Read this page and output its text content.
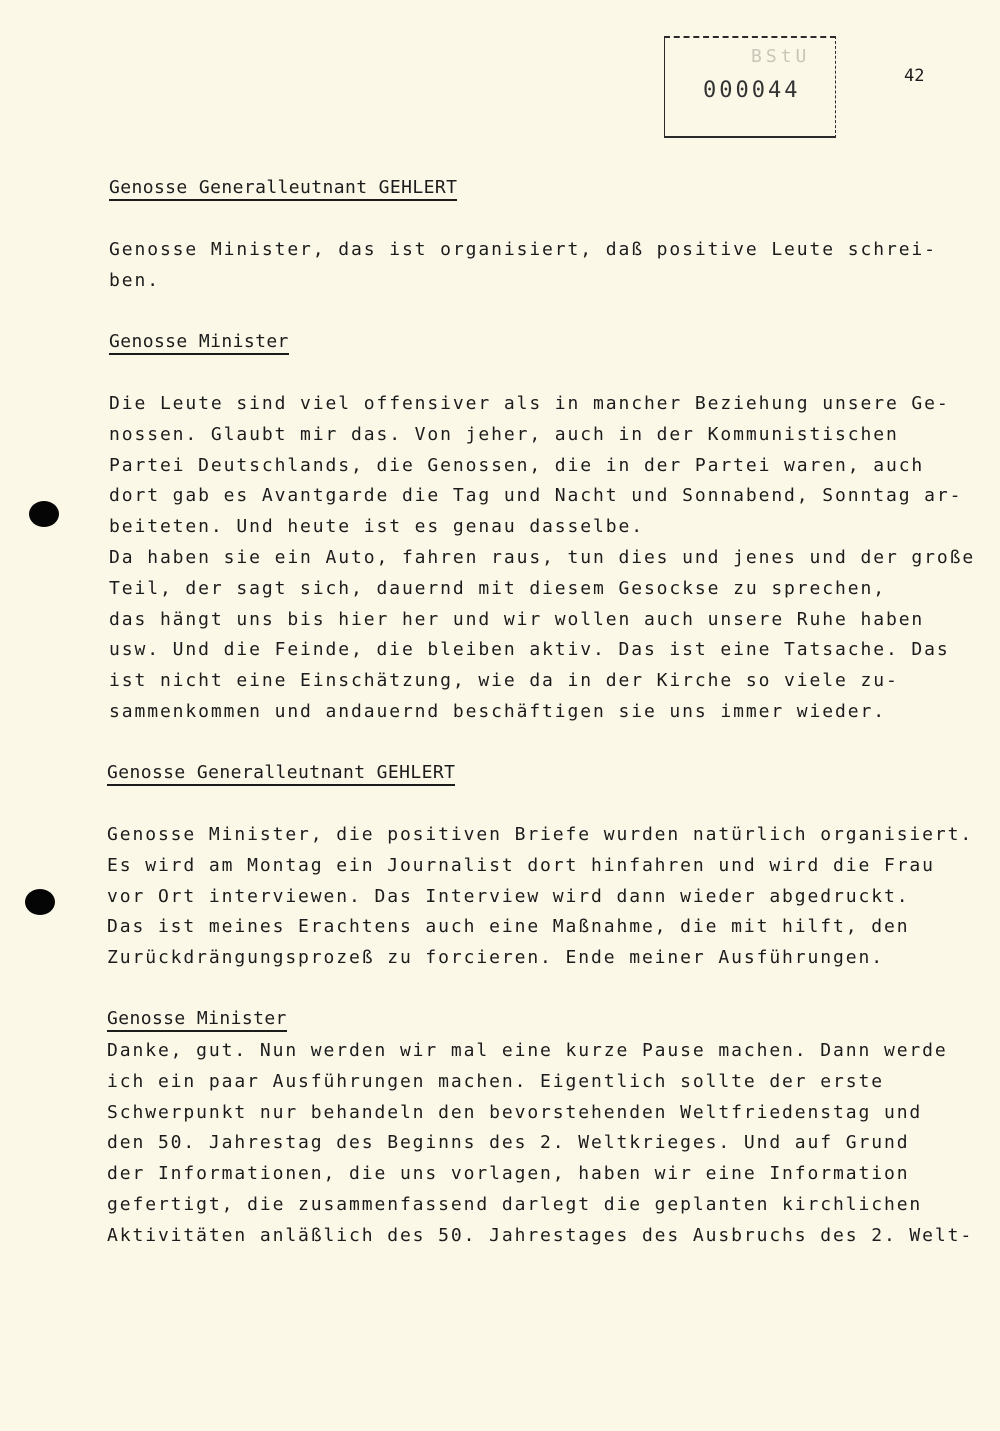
BStU
000044
42
Genosse Generalleutnant GEHLERT
Genosse Minister, das ist organisiert, daß positive Leute schrei-
ben.
Genosse Minister
Die Leute sind viel offensiver als in mancher Beziehung unsere Ge-
nossen. Glaubt mir das. Von jeher, auch in der Kommunistischen
Partei Deutschlands, die Genossen, die in der Partei waren, auch
dort gab es Avantgarde die Tag und Nacht und Sonnabend, Sonntag ar-
beiteten. Und heute ist es genau dasselbe.
Da haben sie ein Auto, fahren raus, tun dies und jenes und der große
Teil, der sagt sich, dauernd mit diesem Gesockse zu sprechen,
das hängt uns bis hier her und wir wollen auch unsere Ruhe haben
usw. Und die Feinde, die bleiben aktiv. Das ist eine Tatsache. Das
ist nicht eine Einschätzung, wie da in der Kirche so viele zu-
sammenkommen und andauernd beschäftigen sie uns immer wieder.
Genosse Generalleutnant GEHLERT
Genosse Minister, die positiven Briefe wurden natürlich organisiert.
Es wird am Montag ein Journalist dort hinfahren und wird die Frau
vor Ort interviewen. Das Interview wird dann wieder abgedruckt.
Das ist meines Erachtens auch eine Maßnahme, die mit hilft, den
Zurückdrängungsprozeß zu forcieren. Ende meiner Ausführungen.
Genosse Minister
Danke, gut. Nun werden wir mal eine kurze Pause machen. Dann werde
ich ein paar Ausführungen machen. Eigentlich sollte der erste
Schwerpunkt nur behandeln den bevorstehenden Weltfriedenstag und
den 50. Jahrestag des Beginns des 2. Weltkrieges. Und auf Grund
der Informationen, die uns vorlagen, haben wir eine Information
gefertigt, die zusammenfassend darlegt die geplanten kirchlichen
Aktivitäten anläßlich des 50. Jahrestages des Ausbruchs des 2. Welt-
